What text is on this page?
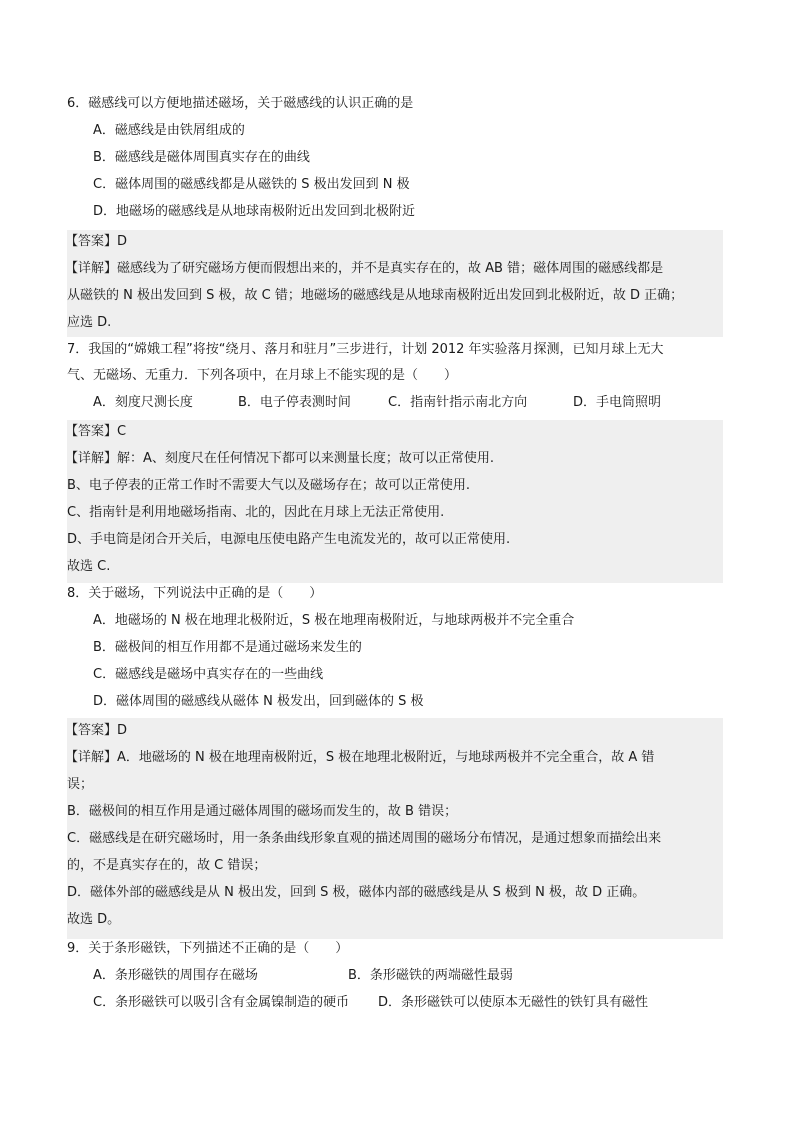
6．磁感线可以方便地描述磁场，关于磁感线的认识正确的是
A．磁感线是由铁屑组成的
B．磁感线是磁体周围真实存在的曲线
C．磁体周围的磁感线都是从磁铁的 S 极出发回到 N 极
D．地磁场的磁感线是从地球南极附近出发回到北极附近
【答案】D
【详解】磁感线为了研究磁场方便而假想出来的，并不是真实存在的，故 AB 错；磁体周围的磁感线都是
从磁铁的 N 极出发回到 S 极，故 C 错；地磁场的磁感线是从地球南极附近出发回到北极附近，故 D 正确；
应选 D.
7．我国的“嫦娥工程”将按“绕月、落月和驻月”三步进行，计划 2012 年实验落月探测，已知月球上无大
气、无磁场、无重力．下列各项中，在月球上不能实现的是（　　）
A．刻度尺测长度	B．电子停表测时间	C．指南针指示南北方向	D．手电筒照明
【答案】C
【详解】解：A、刻度尺在任何情况下都可以来测量长度；故可以正常使用.
B、电子停表的正常工作时不需要大气以及磁场存在；故可以正常使用.
C、指南针是利用地磁场指南、北的，因此在月球上无法正常使用.
D、手电筒是闭合开关后，电源电压使电路产生电流发光的，故可以正常使用.
故选 C.
8．关于磁场，下列说法中正确的是（　　）
A．地磁场的 N 极在地理北极附近，S 极在地理南极附近，与地球两极并不完全重合
B．磁极间的相互作用都不是通过磁场来发生的
C．磁感线是磁场中真实存在的一些曲线
D．磁体周围的磁感线从磁体 N 极发出，回到磁体的 S 极
【答案】D
【详解】A．地磁场的 N 极在地理南极附近，S 极在地理北极附近，与地球两极并不完全重合，故 A 错
误；
B．磁极间的相互作用是通过磁体周围的磁场而发生的，故 B 错误；
C．磁感线是在研究磁场时，用一条条曲线形象直观的描述周围的磁场分布情况，是通过想象而描绘出来
的，不是真实存在的，故 C 错误；
D．磁体外部的磁感线是从 N 极出发，回到 S 极，磁体内部的磁感线是从 S 极到 N 极，故 D 正确。
故选 D。
9．关于条形磁铁，下列描述不正确的是（　　）
A．条形磁铁的周围存在磁场	B．条形磁铁的两端磁性最弱
C．条形磁铁可以吸引含有金属镍制造的硬币 D．条形磁铁可以使原本无磁性的铁钉具有磁性
